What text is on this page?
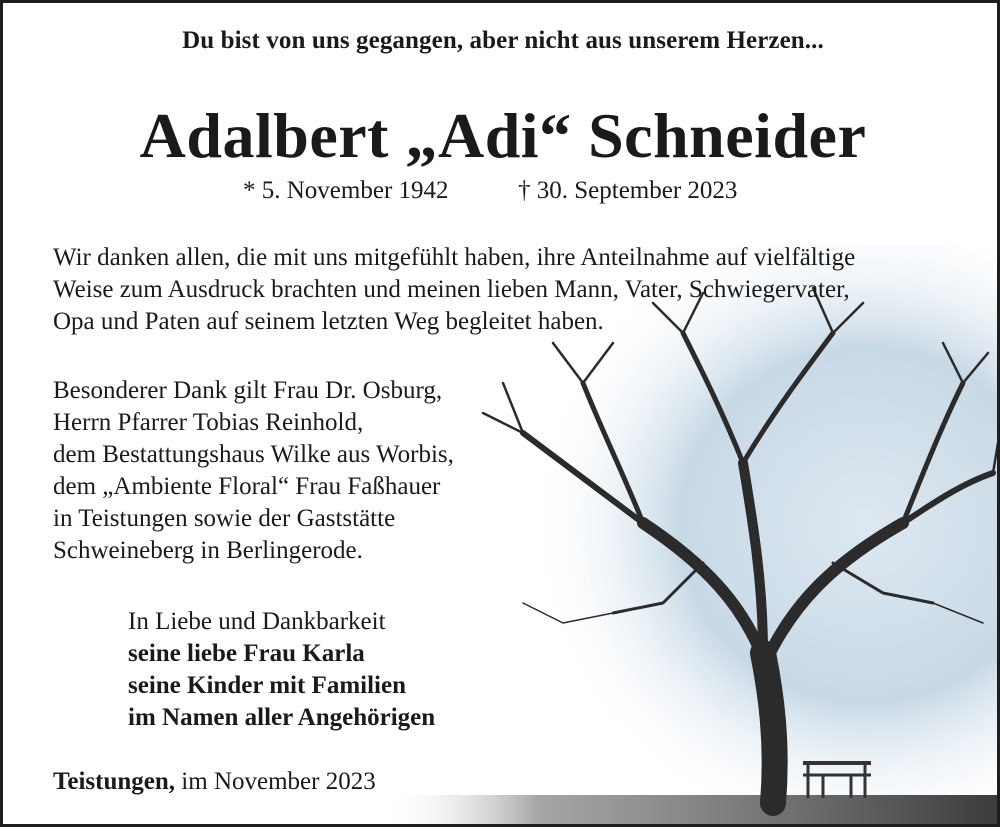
Du bist von uns gegangen, aber nicht aus unserem Herzen...
Adalbert „Adi“ Schneider
* 5. November 1942	† 30. September 2023
Wir danken allen, die mit uns mitgefühlt haben, ihre Anteilnahme auf vielfältige
Weise zum Ausdruck brachten und meinen lieben Mann, Vater, Schwiegervater,
Opa und Paten auf seinem letzten Weg begleitet haben.
Besonderer Dank gilt Frau Dr. Osburg,
Herrn Pfarrer Tobias Reinhold,
dem Bestattungshaus Wilke aus Worbis,
dem „Ambiente Floral“ Frau Faßhauer
in Teistungen sowie der Gaststätte
Schweineberg in Berlingerode.
In Liebe und Dankbarkeit
seine liebe Frau Karla
seine Kinder mit Familien
im Namen aller Angehörigen
Teistungen, im November 2023
